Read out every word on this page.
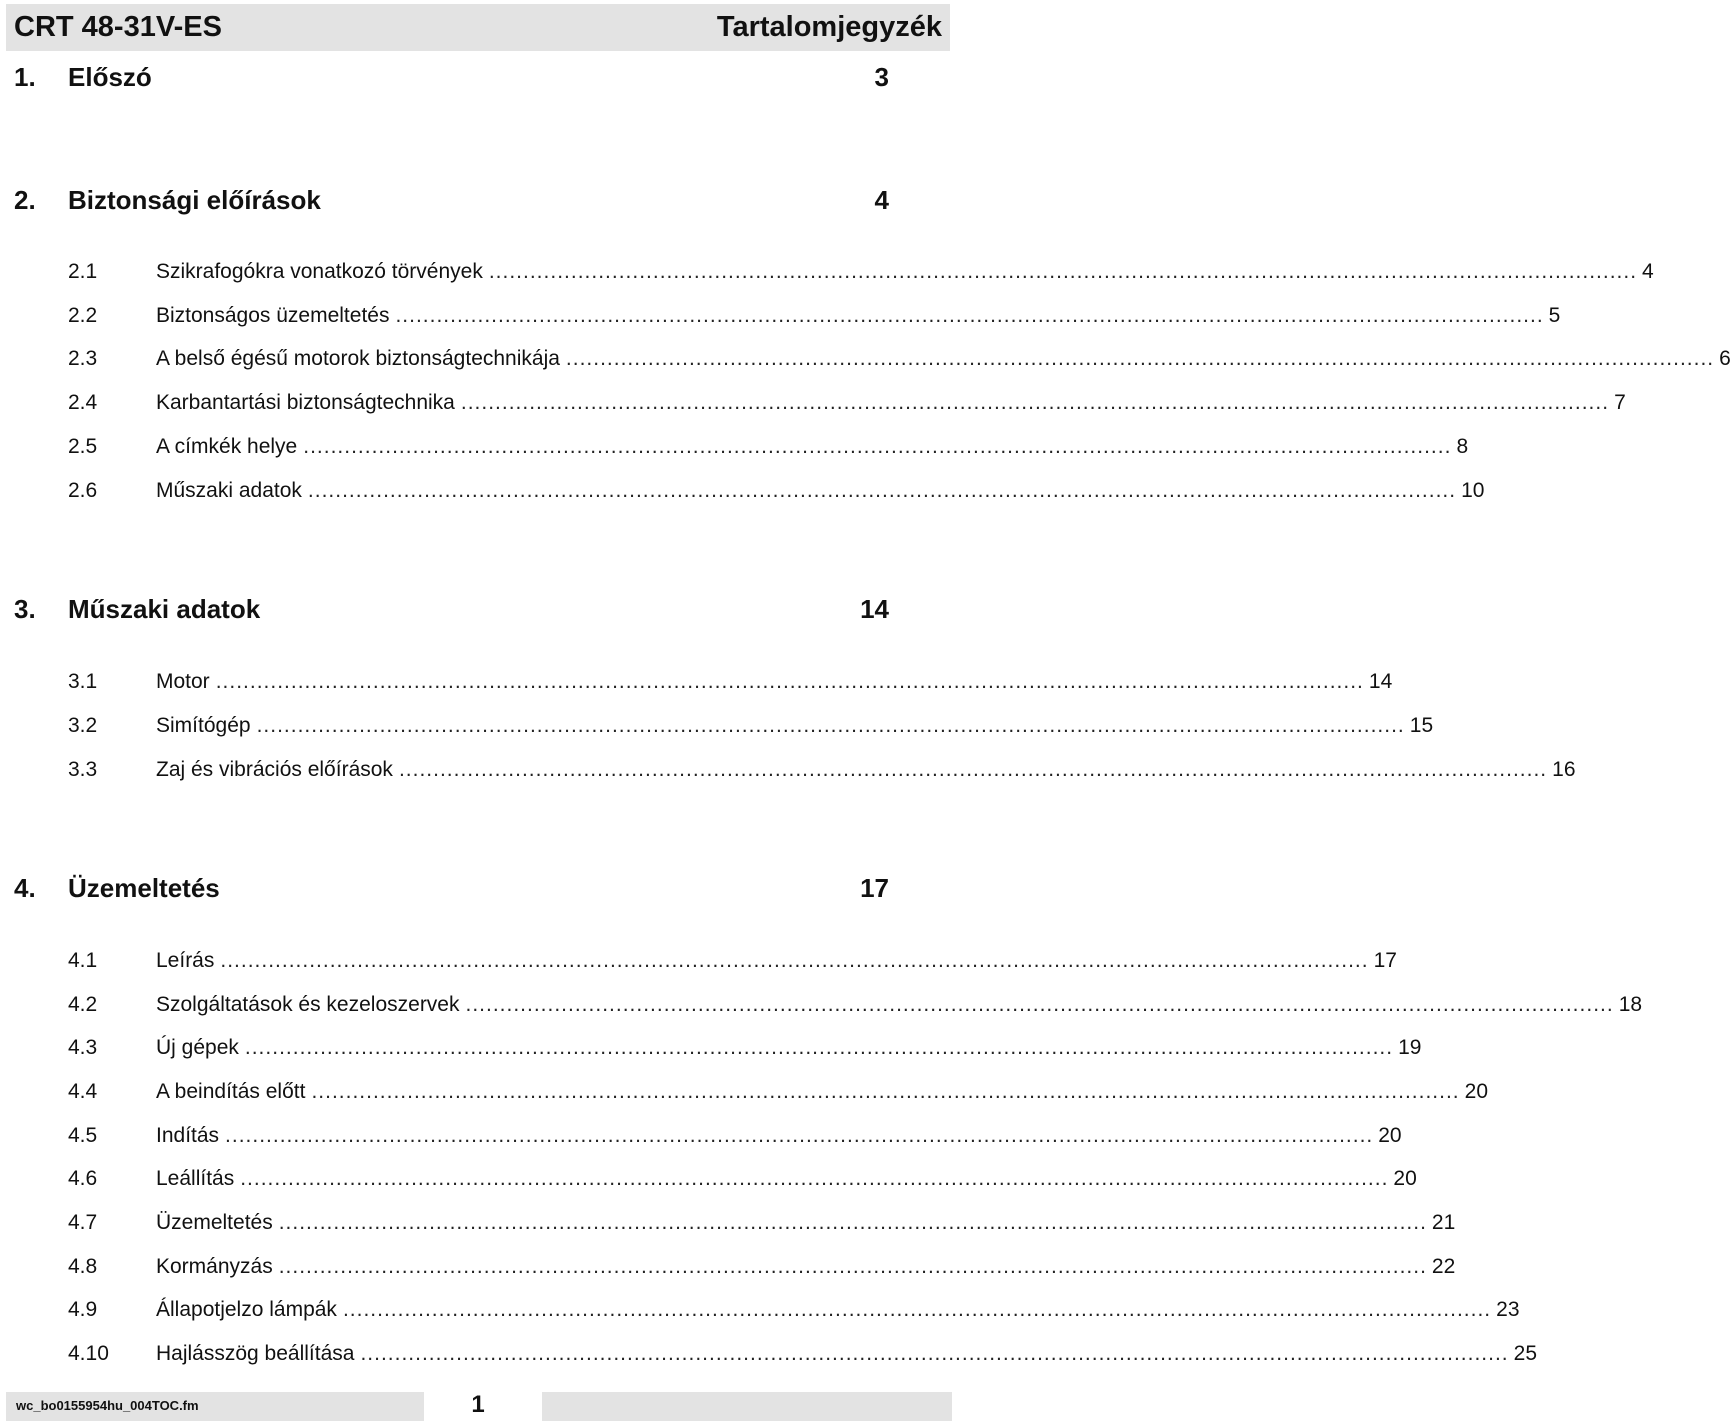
CRT 48-31V-ES	Tartalomjegyzék
1.	Előszó	3
2.	Biztonsági előírások	4
2.1	Szikrafogókra vonatkozó törvények ........................................................................................................................................................................ 4
2.2	Biztonságos üzemeltetés ........................................................................................................................................................................ 5
2.3	A belső égésű motorok biztonságtechnikája ........................................................................................................................................................................ 6
2.4	Karbantartási biztonságtechnika ........................................................................................................................................................................ 7
2.5	A címkék helye ........................................................................................................................................................................ 8
2.6	Műszaki adatok ........................................................................................................................................................................ 10
3.	Műszaki adatok	14
3.1	Motor ........................................................................................................................................................................ 14
3.2	Simítógép ........................................................................................................................................................................ 15
3.3	Zaj és vibrációs előírások ........................................................................................................................................................................ 16
4.	Üzemeltetés	17
4.1	Leírás ........................................................................................................................................................................ 17
4.2	Szolgáltatások és kezeloszervek ........................................................................................................................................................................ 18
4.3	Új gépek ........................................................................................................................................................................ 19
4.4	A beindítás előtt ........................................................................................................................................................................ 20
4.5	Indítás ........................................................................................................................................................................ 20
4.6	Leállítás ........................................................................................................................................................................ 20
4.7	Üzemeltetés ........................................................................................................................................................................ 21
4.8	Kormányzás ........................................................................................................................................................................ 22
4.9	Állapotjelzo lámpák ........................................................................................................................................................................ 23
4.10	Hajlásszög beállítása ........................................................................................................................................................................ 25
wc_bo0155954hu_004TOC.fm	1
